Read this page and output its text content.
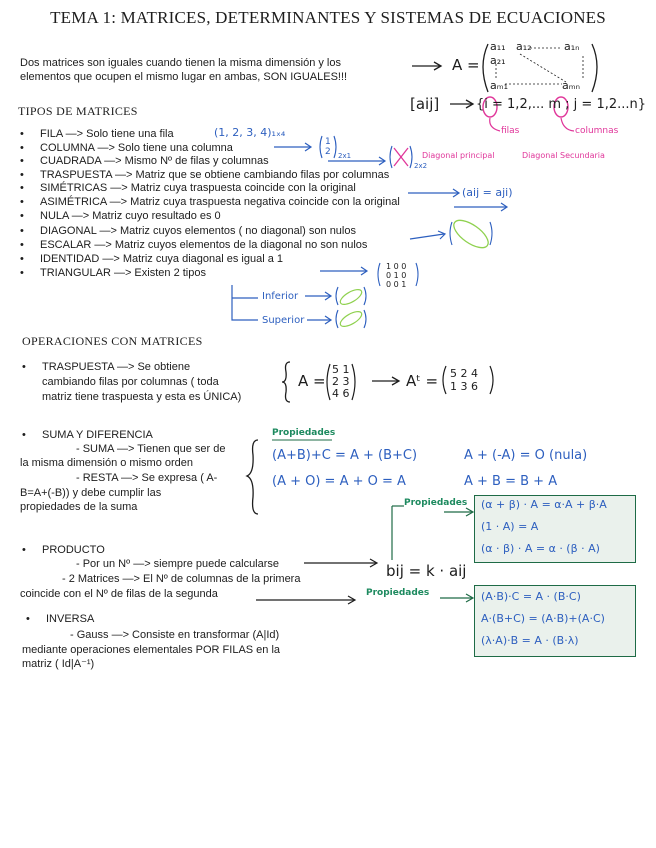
TEMA 1: MATRICES, DETERMINANTES Y SISTEMAS DE ECUACIONES
Dos matrices son iguales cuando tienen la misma dimensión y los
elementos que ocupen el mismo lugar en ambas, SON IGUALES!!!
A =
a₁₁ a₁₂	a₁ₙ
a₂₁
aₘ₁	aₘₙ
[aij]	{i = 1,2,... m ; j = 1,2...n}
filas	columnas
TIPOS DE MATRICES
• FILA —> Solo tiene una fila
• COLUMNA —> Solo tiene una columna
• CUADRADA —> Mismo Nº de filas y columnas
• TRASPUESTA —> Matriz que se obtiene cambiando filas por columnas
• SIMÉTRICAS —> Matriz cuya traspuesta coincide con la original
• ASIMÉTRICA —> Matriz cuya traspuesta negativa coincide con la original
• NULA —> Matriz cuyo resultado es 0
• DIAGONAL —> Matriz cuyos elementos ( no diagonal) son nulos
• ESCALAR —> Matriz cuyos elementos de la diagonal no son nulos
• IDENTIDAD —> Matriz cuya diagonal es igual a 1
• TRIANGULAR —> Existen 2 tipos
(1, 2, 3, 4)₁ₓ₄
1
2 2x1
2x2
Diagonal principal	Diagonal Secundaria
(aij = aji)
1 0 0
0 1 0
0 0 1
Inferior
Superior
OPERACIONES CON MATRICES
• TRASPUESTA —> Se obtiene
cambiando filas por columnas ( toda
matriz tiene traspuesta y esta es ÚNICA)
A =
5 1
2 3
4 6
Aᵗ = 5 2 4
1 3 6
• SUMA Y DIFERENCIA
- SUMA —> Tienen que ser de
la misma dimensión o mismo orden
- RESTA —> Se expresa ( A-
B=A+(-B)) y debe cumplir las
propiedades de la suma
Propiedades
(A+B)+C = A + (B+C)	A + (-A) = O (nula)
(A + O) = A + O = A	A + B = B + A
• PRODUCTO
- Por un Nº —> siempre puede calcularse
- 2 Matrices —> El Nº de columnas de la primera
coincide con el Nº de filas de la segunda
bij = k · aij
Propiedades (α + β) · A = α·A + β·A
(1 · A) = A
(α · β) · A = α · (β · A)
Propiedades	(A·B)·C = A · (B·C)
A·(B+C) = (A·B)+(A·C)
(λ·A)·B = A · (B·λ)
• INVERSA
- Gauss —> Consiste en transformar (A|Id)
mediante operaciones elementales POR FILAS en la
matriz ( Id|A⁻¹)
